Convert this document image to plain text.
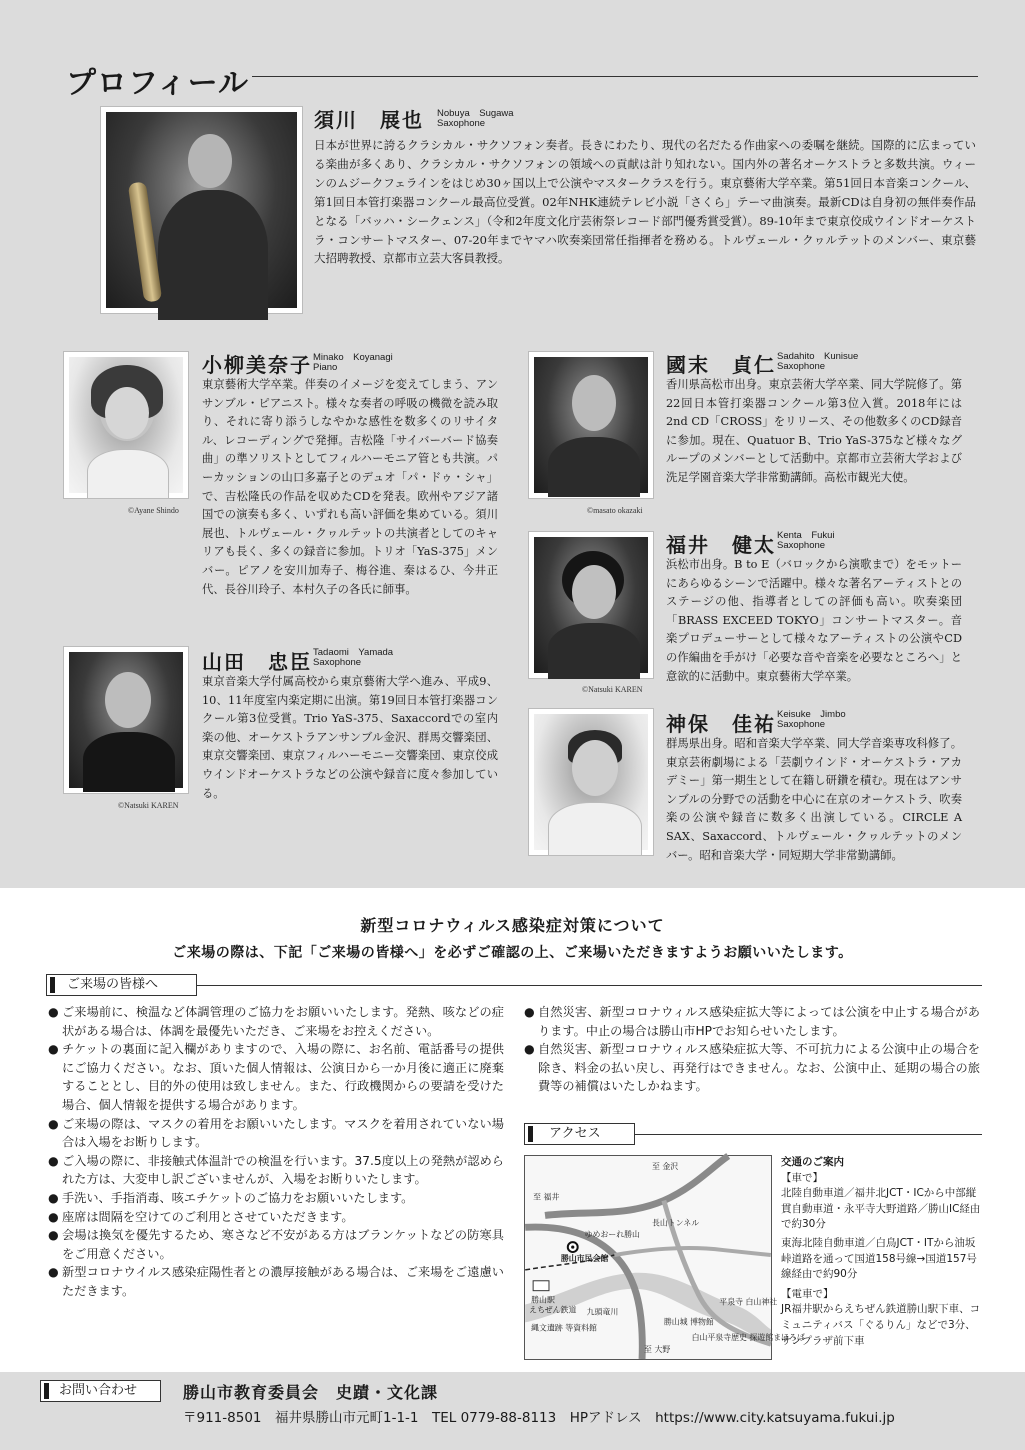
プロフィール
須川　展也 Nobuya　Sugawa
Saxophone
日本が世界に誇るクラシカル・サクソフォン奏者。長きにわたり、現代の名だたる作曲家への委嘱を継続。国際的に広まっている楽曲が多くあり、クラシカル・サクソフォンの領域への貢献は計り知れない。国内外の著名オーケストラと多数共演。ウィーンのムジークフェラインをはじめ30ヶ国以上で公演やマスタークラスを行う。東京藝術大学卒業。第51回日本音楽コンクール、第1回日本管打楽器コンクール最高位受賞。02年NHK連続テレビ小説「さくら」テーマ曲演奏。最新CDは自身初の無伴奏作品となる「バッハ・シークェンス」（令和2年度文化庁芸術祭レコード部門優秀賞受賞）。89-10年まで東京佼成ウインドオーケストラ・コンサートマスター、07-20年までヤマハ吹奏楽団常任指揮者を務める。トルヴェール・クヮルテットのメンバー、東京藝大招聘教授、京都市立芸大客員教授。
©Ayane Shindo
小柳美奈子 Minako　Koyanagi
Piano
東京藝術大学卒業。伴奏のイメージを変えてしまう、アンサンブル・ピアニスト。様々な奏者の呼吸の機微を読み取り、それに寄り添うしなやかな感性を数多くのリサイタル、レコーディングで発揮。吉松隆「サイバーバード協奏曲」の準ソリストとしてフィルハーモニア管とも共演。パーカッションの山口多嘉子とのデュオ「パ・ドゥ・シャ」で、吉松隆氏の作品を収めたCDを発表。欧州やアジア諸国での演奏も多く、いずれも高い評価を集めている。須川展也、トルヴェール・クヮルテットの共演者としてのキャリアも長く、多くの録音に参加。トリオ「YaS-375」メンバー。ピアノを安川加寿子、梅谷進、秦はるひ、今井正代、長谷川玲子、本村久子の各氏に師事。
©Natsuki KAREN
山田　忠臣 Tadaomi　Yamada
Saxophone
東京音楽大学付属高校から東京藝術大学へ進み、平成9、10、11年度室内楽定期に出演。第19回日本管打楽器コンクール第3位受賞。Trio YaS-375、Saxaccordでの室内楽の他、オーケストラアンサンブル金沢、群馬交響楽団、東京交響楽団、東京フィルハーモニー交響楽団、東京佼成ウインドオーケストラなどの公演や録音に度々参加している。
©masato okazaki
國末　貞仁 Sadahito　Kunisue
Saxophone
香川県高松市出身。東京芸術大学卒業、同大学院修了。第22回日本管打楽器コンクール第3位入賞。2018年には2nd CD「CROSS」をリリース、その他数多くのCD録音に参加。現在、Quatuor B、Trio YaS-375など様々なグループのメンバーとして活動中。京都市立芸術大学および洗足学園音楽大学非常勤講師。高松市観光大使。
©Natsuki KAREN
福井　健太 Kenta　Fukui
Saxophone
浜松市出身。B to E（バロックから演歌まで）をモットーにあらゆるシーンで活躍中。様々な著名アーティストとのステージの他、指導者としての評価も高い。吹奏楽団「BRASS EXCEED TOKYO」コンサートマスター。音楽プロデューサーとして様々なアーティストの公演やCDの作編曲を手がけ「必要な音や音楽を必要なところへ」と意欲的に活動中。東京藝術大学卒業。
神保　佳祐 Keisuke　Jimbo
Saxophone
群馬県出身。昭和音楽大学卒業、同大学音楽専攻科修了。東京芸術劇場による「芸劇ウインド・オーケストラ・アカデミー」第一期生として在籍し研鑽を積む。現在はアンサンブルの分野での活動を中心に在京のオーケストラ、吹奏楽の公演や録音に数多く出演している。CIRCLE A SAX、Saxaccord、トルヴェール・クヮルテットのメンバー。昭和音楽大学・同短期大学非常勤講師。
新型コロナウィルス感染症対策について
ご来場の際は、下記「ご来場の皆様へ」を必ずご確認の上、ご来場いただきますようお願いいたします。
ご来場の皆様へ
● ご来場前に、検温など体調管理のご協力をお願いいたします。発熱、咳などの症状がある場合は、体調を最優先いただき、ご来場をお控えください。
● チケットの裏面に記入欄がありますので、入場の際に、お名前、電話番号の提供にご協力ください。なお、頂いた個人情報は、公演日から一か月後に適正に廃棄することとし、目的外の使用は致しません。また、行政機関からの要請を受けた場合、個人情報を提供する場合があります。
● ご来場の際は、マスクの着用をお願いいたします。マスクを着用されていない場合は入場をお断りします。
● ご入場の際に、非接触式体温計での検温を行います。37.5度以上の発熱が認められた方は、大変申し訳ございませんが、入場をお断りいたします。
● 手洗い、手指消毒、咳エチケットのご協力をお願いいたします。
● 座席は間隔を空けてのご利用とさせていただきます。
● 会場は換気を優先するため、寒さなど不安がある方はブランケットなどの防寒具をご用意ください。
● 新型コロナウイルス感染症陽性者との濃厚接触がある場合は、ご来場をご遠慮いただきます。
● 自然災害、新型コロナウィルス感染症拡大等によっては公演を中止する場合があります。中止の場合は勝山市HPでお知らせいたします。
● 自然災害、新型コロナウィルス感染症拡大等、不可抗力による公演中止の場合を除き、料金の払い戻し、再発行はできません。なお、公演中止、延期の場合の旅費等の補償はいたしかねます。
アクセス
至 金沢
至 福井
長山トンネル
ゆめおーれ勝山
勝山市民会館
勝山駅
えちぜん鉄道 九頭竜川
平泉寺 白山神社
勝山城 博物館
縄文遺跡 等資料館
白山平泉寺歴史 探遊館まほろば
至 大野
交通のご案内
【車で】
北陸自動車道／福井北JCT・ICから中部縦貫自動車道・永平寺大野道路／勝山IC経由で約30分
東海北陸自動車道／白鳥JCT・ITから油坂峠道路を通って国道158号線→国道157号線経由で約90分
【電車で】
JR福井駅からえちぜん鉄道勝山駅下車、コミュニティバス「ぐるりん」などで3分、サンプラザ前下車
お問い合わせ	勝山市教育委員会　史蹟・文化課
〒911-8501　福井県勝山市元町1-1-1　TEL 0779-88-8113　HPアドレス　https://www.city.katsuyama.fukui.jp
